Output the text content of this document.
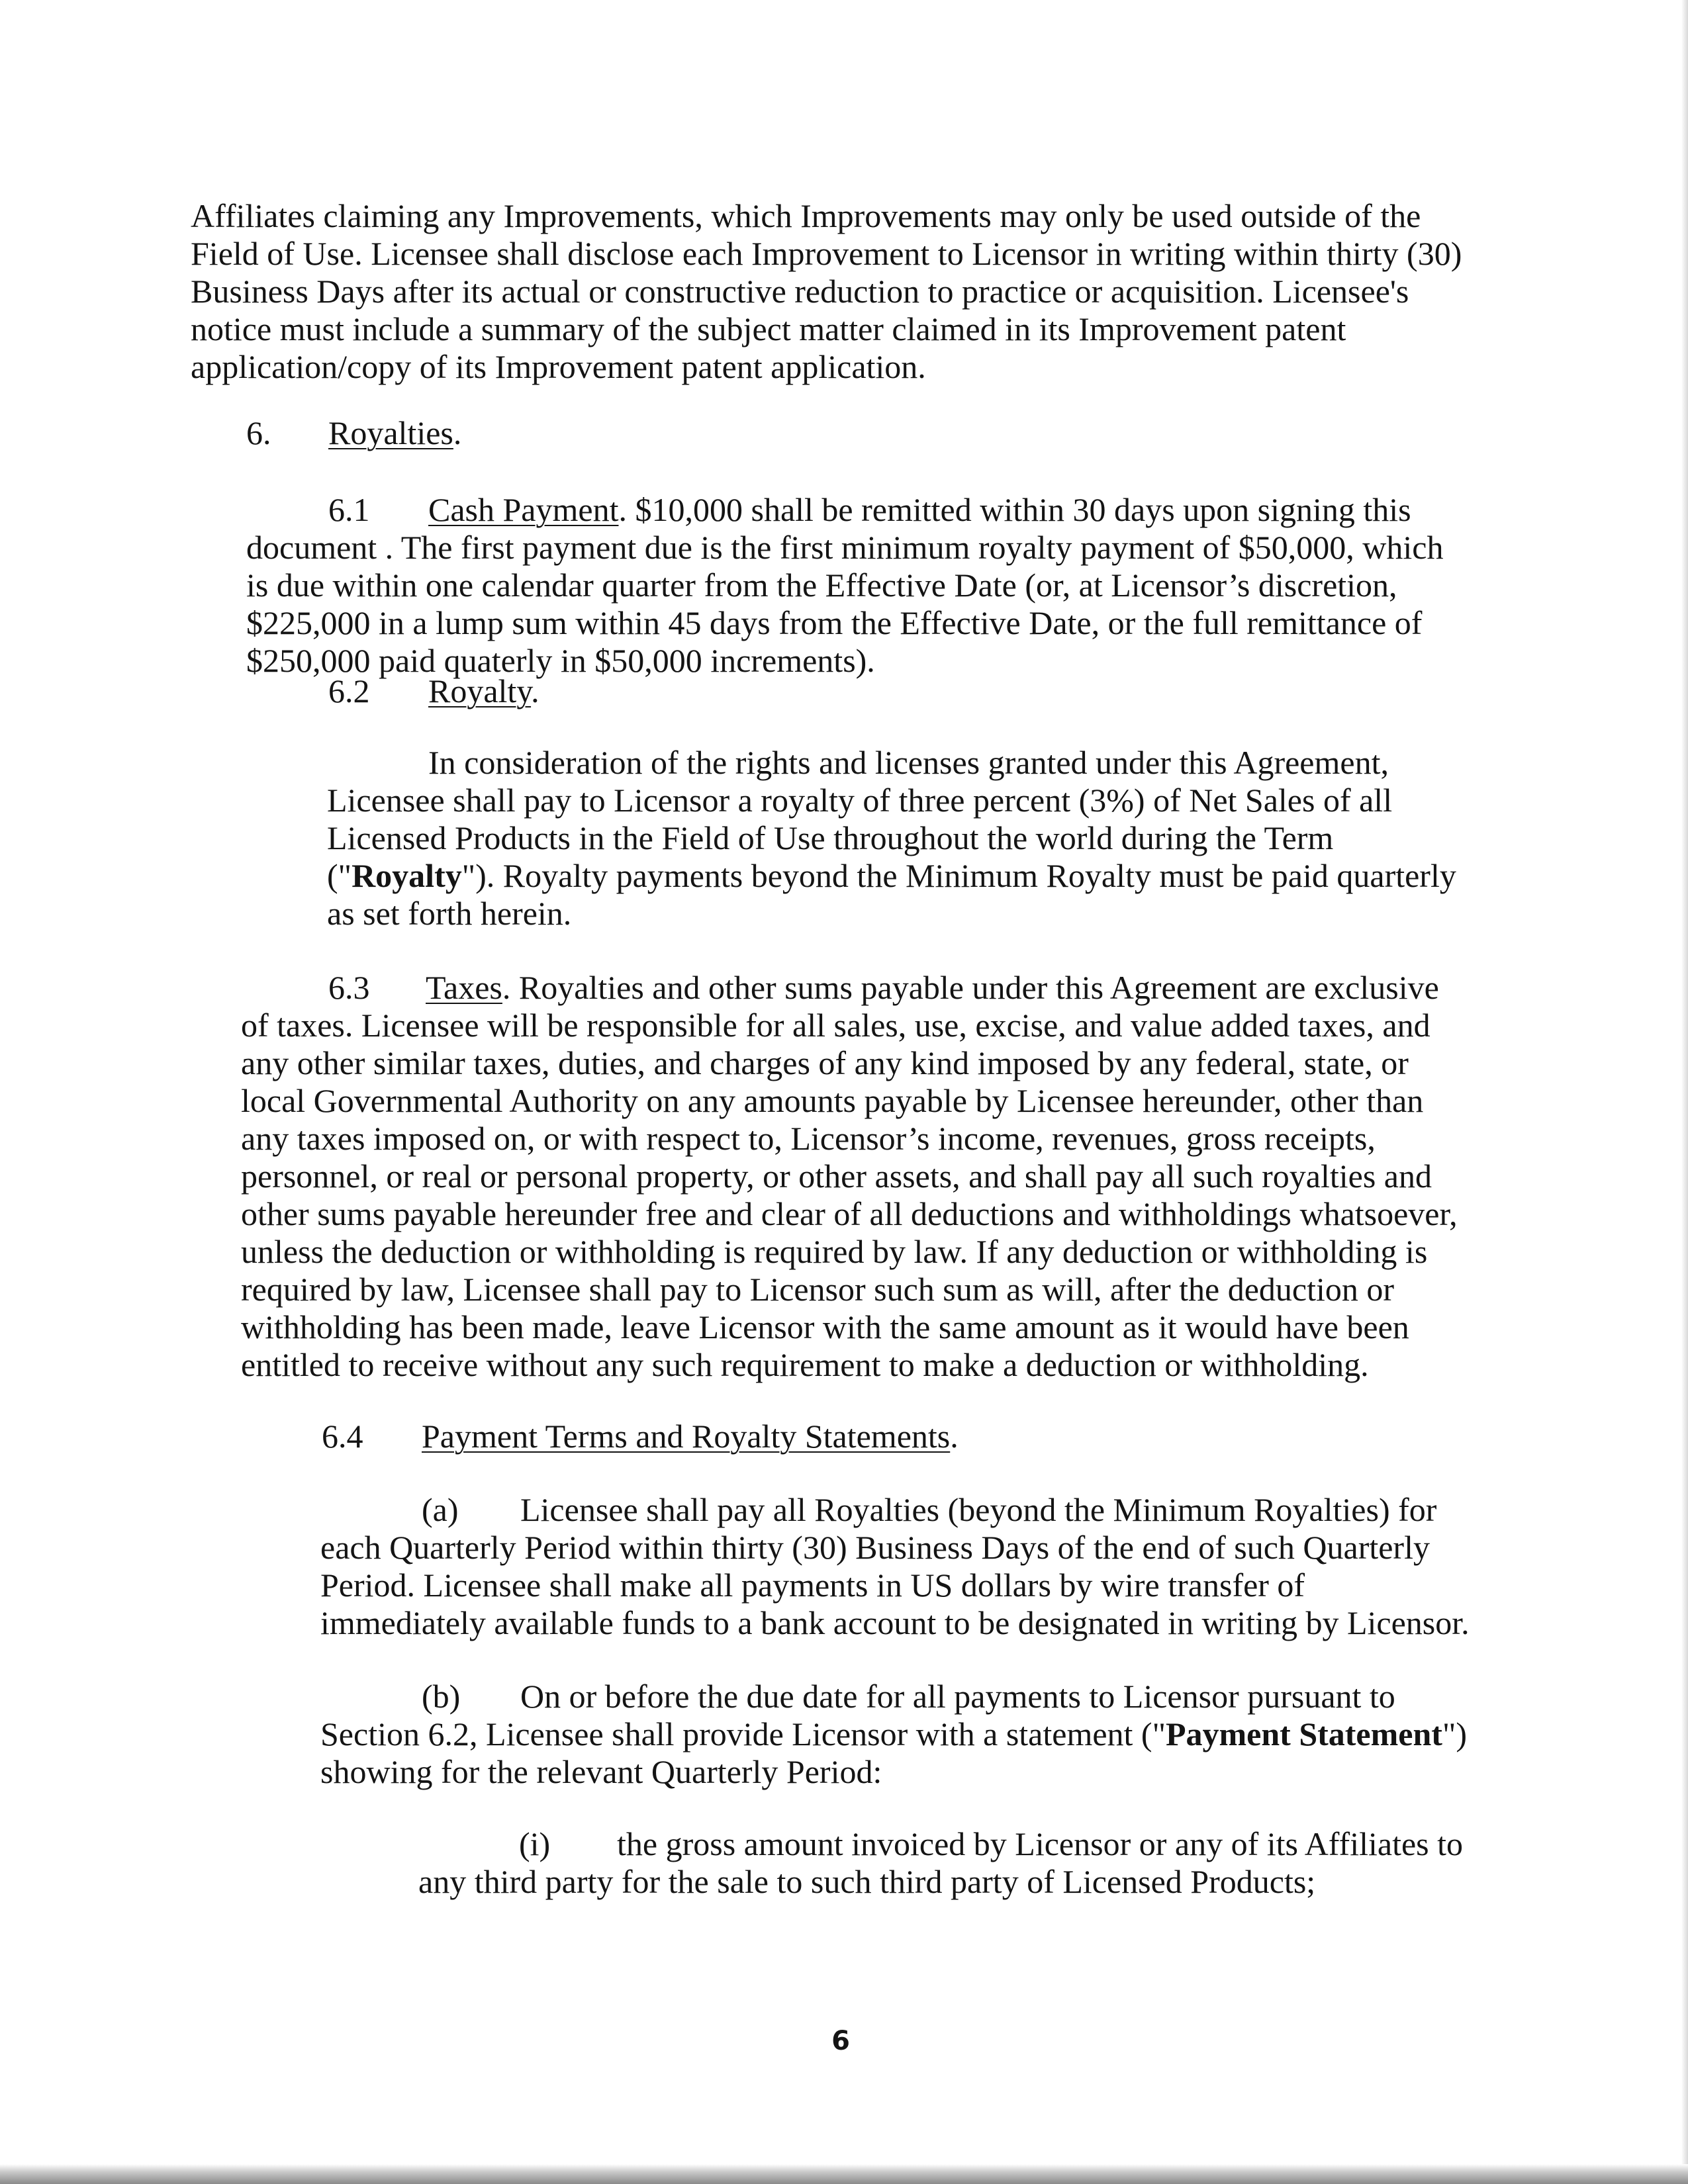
Affiliates claiming any Improvements, which Improvements may only be used outside of the
Field of Use. Licensee shall disclose each Improvement to Licensor in writing within thirty (30)
Business Days after its actual or constructive reduction to practice or acquisition. Licensee's
notice must include a summary of the subject matter claimed in its Improvement patent
application/copy of its Improvement patent application.
6. Royalties.
6.1 Cash Payment. $10,000 shall be remitted within 30 days upon signing this
document . The first payment due is the first minimum royalty payment of $50,000, which
is due within one calendar quarter from the Effective Date (or, at Licensor’s discretion,
$225,000 in a lump sum within 45 days from the Effective Date, or the full remittance of
$250,000 paid quaterly in $50,000 increments).
6.2 Royalty.
In consideration of the rights and licenses granted under this Agreement,
Licensee shall pay to Licensor a royalty of three percent (3%) of Net Sales of all
Licensed Products in the Field of Use throughout the world during the Term
("Royalty"). Royalty payments beyond the Minimum Royalty must be paid quarterly
as set forth herein.
6.3 Taxes. Royalties and other sums payable under this Agreement are exclusive
of taxes. Licensee will be responsible for all sales, use, excise, and value added taxes, and
any other similar taxes, duties, and charges of any kind imposed by any federal, state, or
local Governmental Authority on any amounts payable by Licensee hereunder, other than
any taxes imposed on, or with respect to, Licensor’s income, revenues, gross receipts,
personnel, or real or personal property, or other assets, and shall pay all such royalties and
other sums payable hereunder free and clear of all deductions and withholdings whatsoever,
unless the deduction or withholding is required by law. If any deduction or withholding is
required by law, Licensee shall pay to Licensor such sum as will, after the deduction or
withholding has been made, leave Licensor with the same amount as it would have been
entitled to receive without any such requirement to make a deduction or withholding.
6.4 Payment Terms and Royalty Statements.
(a) Licensee shall pay all Royalties (beyond the Minimum Royalties) for
each Quarterly Period within thirty (30) Business Days of the end of such Quarterly
Period. Licensee shall make all payments in US dollars by wire transfer of
immediately available funds to a bank account to be designated in writing by Licensor.
(b) On or before the due date for all payments to Licensor pursuant to
Section 6.2, Licensee shall provide Licensor with a statement ("Payment Statement")
showing for the relevant Quarterly Period:
(i) the gross amount invoiced by Licensor or any of its Affiliates to
any third party for the sale to such third party of Licensed Products;
6
